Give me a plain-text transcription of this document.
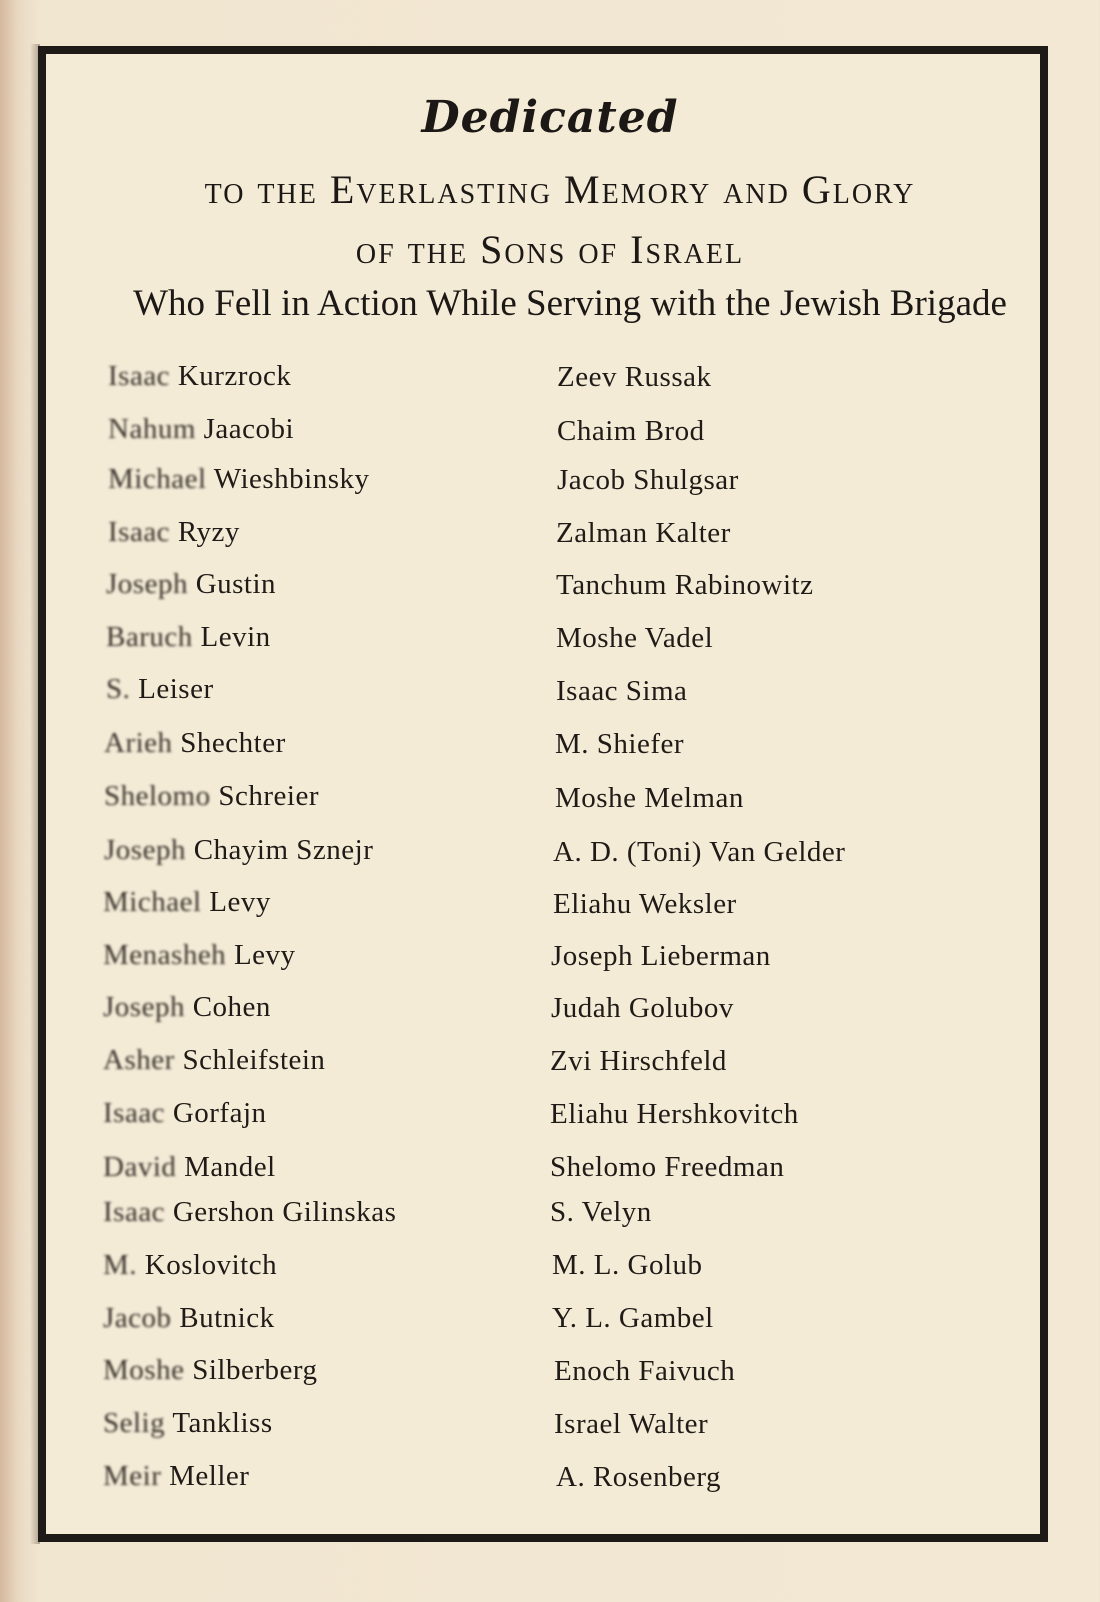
Dedicated
to the Everlasting Memory and Glory
of the Sons of Israel
Who Fell in Action While Serving with the Jewish Brigade
Isaac Kurzrock
Nahum Jaacobi
Michael Wieshbinsky
Isaac Ryzy
Joseph Gustin
Baruch Levin
S. Leiser
Arieh Shechter
Shelomo Schreier
Joseph Chayim Sznejr
Michael Levy
Menasheh Levy
Joseph Cohen
Asher Schleifstein
Isaac Gorfajn
David Mandel
Isaac Gershon Gilinskas
M. Koslovitch
Jacob Butnick
Moshe Silberberg
Selig Tankliss
Meir Meller
Zeev Russak
Chaim Brod
Jacob Shulgsar
Zalman Kalter
Tanchum Rabinowitz
Moshe Vadel
Isaac Sima
M. Shiefer
Moshe Melman
A. D. (Toni) Van Gelder
Eliahu Weksler
Joseph Lieberman
Judah Golubov
Zvi Hirschfeld
Eliahu Hershkovitch
Shelomo Freedman
S. Velyn
M. L. Golub
Y. L. Gambel
Enoch Faivuch
Israel Walter
A. Rosenberg
